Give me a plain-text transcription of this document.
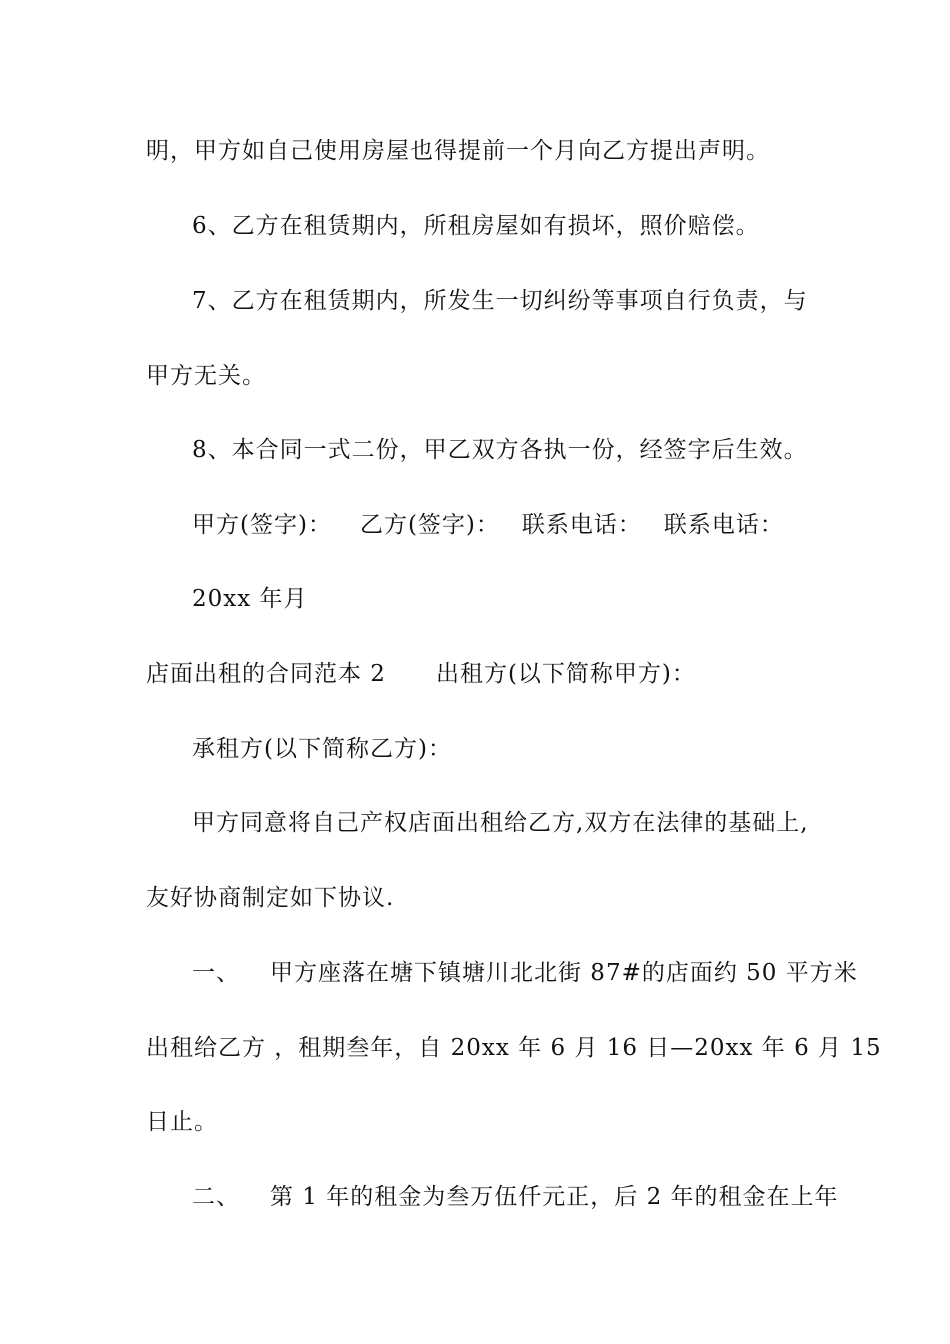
明，甲方如自己使用房屋也得提前一个月向乙方提出声明。
6、乙方在租赁期内，所租房屋如有损坏，照价赔偿。
7、乙方在租赁期内，所发生一切纠纷等事项自行负责，与
甲方无关。
8、本合同一式二份，甲乙双方各执一份，经签字后生效。
甲方(签字)： 乙方(签字)： 联系电话： 联系电话：
20xx 年月
店面出租的合同范本 2 出租方(以下简称甲方)：
承租方(以下简称乙方)：
甲方同意将自己产权店面出租给乙方,双方在法律的基础上,
友好协商制定如下协议.
一、 甲方座落在塘下镇塘川北北街 87#的店面约 50 平方米
出租给乙方 ，租期叁年，自 20xx 年 6 月 16 日—20xx 年 6 月 15
日止。
二、 第 1 年的租金为叁万伍仟元正，后 2 年的租金在上年
